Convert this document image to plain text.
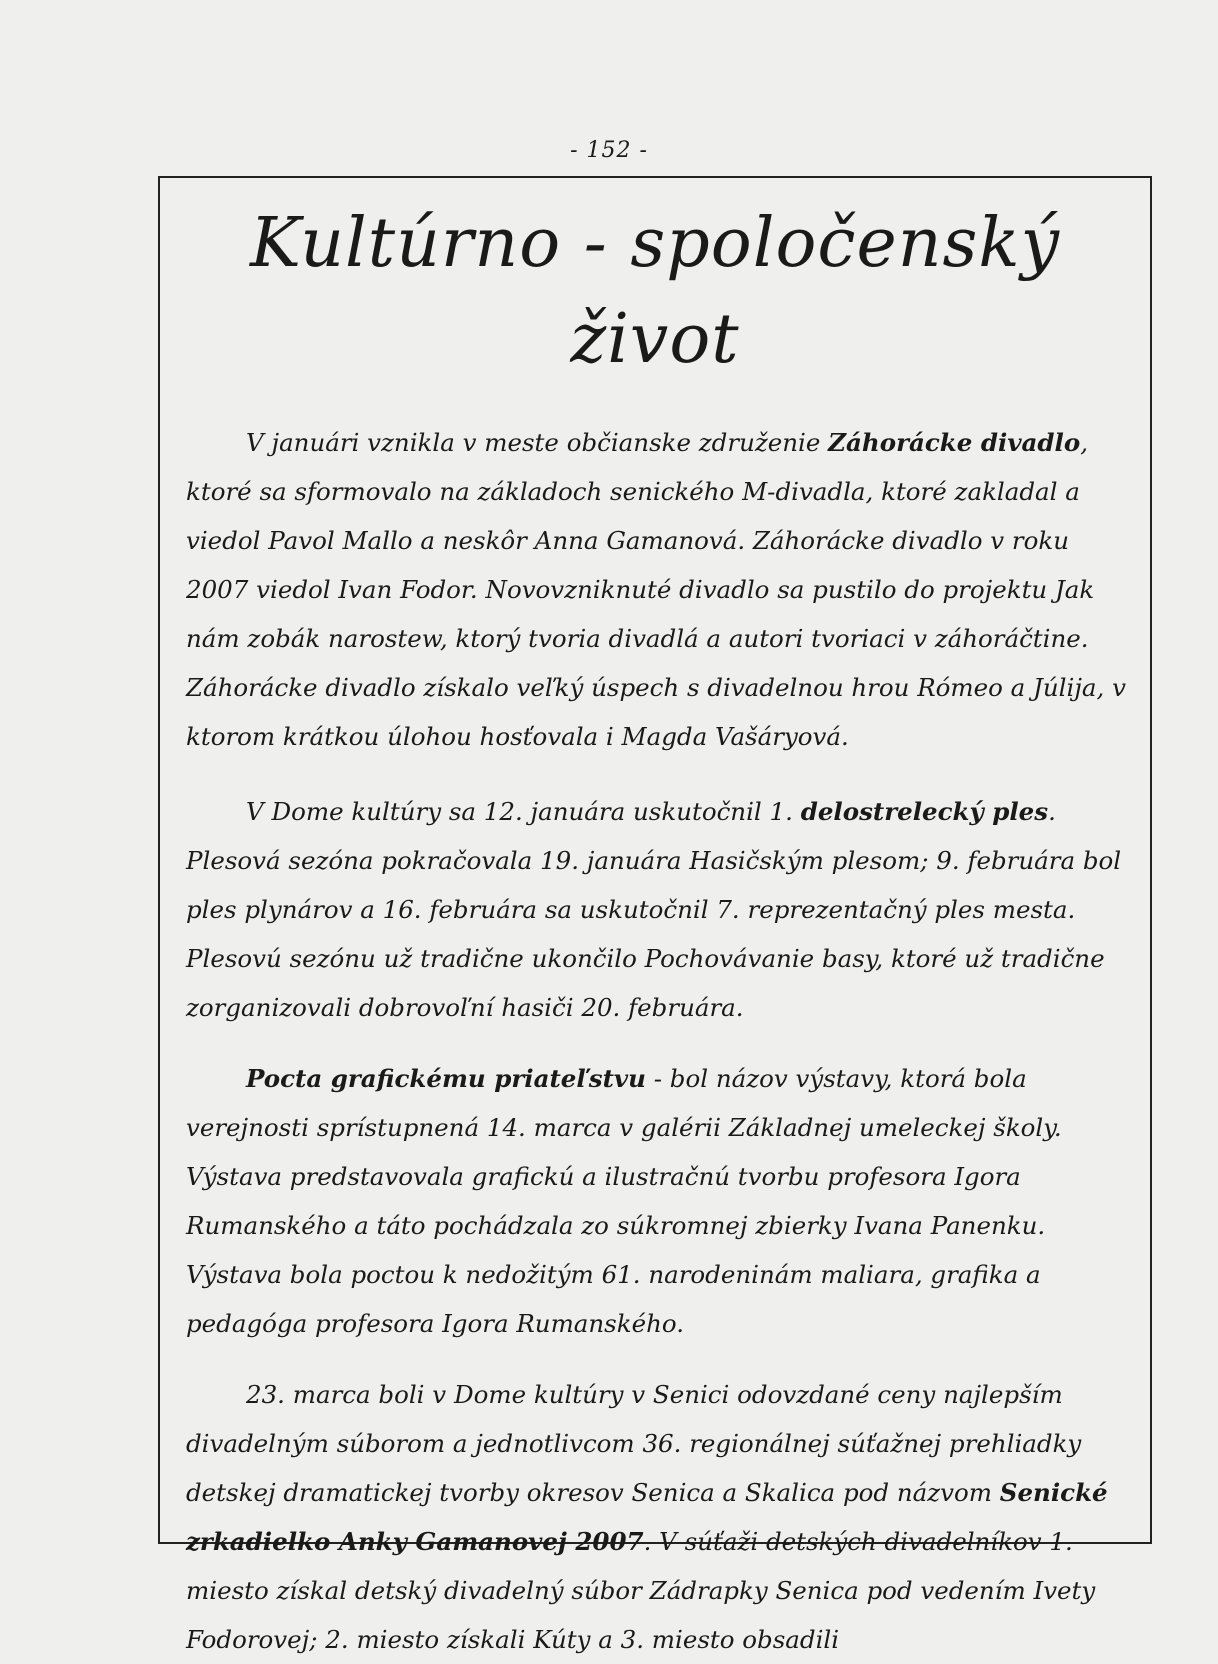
- 152 -
Kultúrno - spoločenský život

V januári vznikla v meste občianske združenie Záhorácke divadlo, ktoré sa sformovalo na základoch senického M-divadla, ktoré zakladal a viedol Pavol Mallo a neskôr Anna Gamanová. Záhorácke divadlo v roku 2007 viedol Ivan Fodor. Novovzniknuté divadlo sa pustilo do projektu Jak nám zobák narostew, ktorý tvoria divadlá a autori tvoriaci v záhoráčtine. Záhorácke divadlo získalo veľký úspech s divadelnou hrou Rómeo a Júlija, v ktorom krátkou úlohou hosťovala i Magda Vašáryová.

V Dome kultúry sa 12. januára uskutočnil 1. delostrelecký ples. Plesová sezóna pokračovala 19. januára Hasičským plesom; 9. februára bol ples plynárov a 16. februára sa uskutočnil 7. reprezentačný ples mesta. Plesovú sezónu už tradične ukončilo Pochovávanie basy, ktoré už tradične zorganizovali dobrovoľní hasiči 20. februára.

Pocta grafickému priateľstvu - bol názov výstavy, ktorá bola verejnosti sprístupnená 14. marca v galérii Základnej umeleckej školy. Výstava predstavovala grafickú a ilustračnú tvorbu profesora Igora Rumanského a táto pochádzala zo súkromnej zbierky Ivana Panenku. Výstava bola poctou k nedožitým 61. narodeninám maliara, grafika a pedagóga profesora Igora Rumanského.

23. marca boli v Dome kultúry v Senici odovzdané ceny najlepším divadelným súborom a jednotlivcom 36. regionálnej súťažnej prehliadky detskej dramatickej tvorby okresov Senica a Skalica pod názvom Senické zrkadielko Anky Gamanovej 2007. V súťaži detských divadelníkov 1. miesto získal detský divadelný súbor Zádrapky Senica pod vedením Ivety Fodorovej; 2. miesto získali Kúty a 3. miesto obsadili
